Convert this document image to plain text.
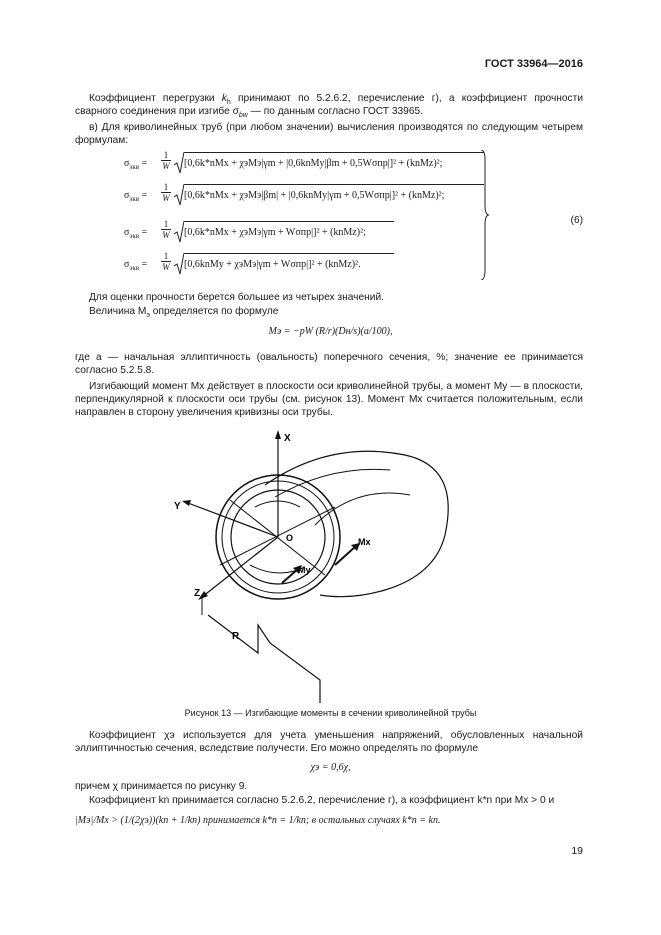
ГОСТ 33964—2016
Коэффициент перегрузки $k_h$ принимают по 5.2.6.2, перечисление г), а коэффициент прочности сварного соединения при изгибе $\sigma_{bw}$ — по данным согласно ГОСТ 33965.
в) Для криволинейных труб (при любом значении) вычисления производятся по следующим четырем формулам:
$\sigma_{экв}$ =
1
W [0,6k*nMx + χэMэ|γm + |0,6knMy|βm + 0,5Wσпр|]² + (knMz)²;
$\sigma_{экв}$ =
1
W [0,6k*nMx + χэMэ|βm| + |0,6knMy|γm + 0,5Wσпр|]² + (knMz)²;
$\sigma_{экв}$ =
1
W [0,6k*nMx + χэMэ|γm + Wσпр|]² + (knMz)²;
$\sigma_{экв}$ =
1
W [0,6knMy + χэMэ|γm + Wσпр|]² + (knMz)².
(6)
Для оценки прочности берется большее из четырех значений.
Величина $M_э$ определяется по формуле
Mэ = −pW (R/r)(Dн/s)(a/100),
где a — начальная эллиптичность (овальность) поперечного сечения, %; значение ее принимается согласно 5.2.5.8.
Изгибающий момент Mx действует в плоскости оси криволинейной трубы, а момент My — в плоскости, перпендикулярной к плоскости оси трубы (см. рисунок 13). Момент Mx считается положительным, если направлен в сторону увеличения кривизны оси трубы.
X
Y
Z
O	Mx
My
R
Рисунок 13 — Изгибающие моменты в сечении криволинейной трубы
Коэффициент χэ используется для учета уменьшения напряжений, обусловленных начальной эллиптичностью сечения, вследствие получести. Его можно определять по формуле
χэ = 0,6χ,
причем χ принимается по рисунку 9.
Коэффициент kn принимается согласно 5.2.6.2, перечисление г), а коэффициент k*n при Mx > 0 и
|Mэ|/Mx > (1/(2χэ))(kn + 1/kn) принимается k*n = 1/kn; в остальных случаях k*n = kn.
19
